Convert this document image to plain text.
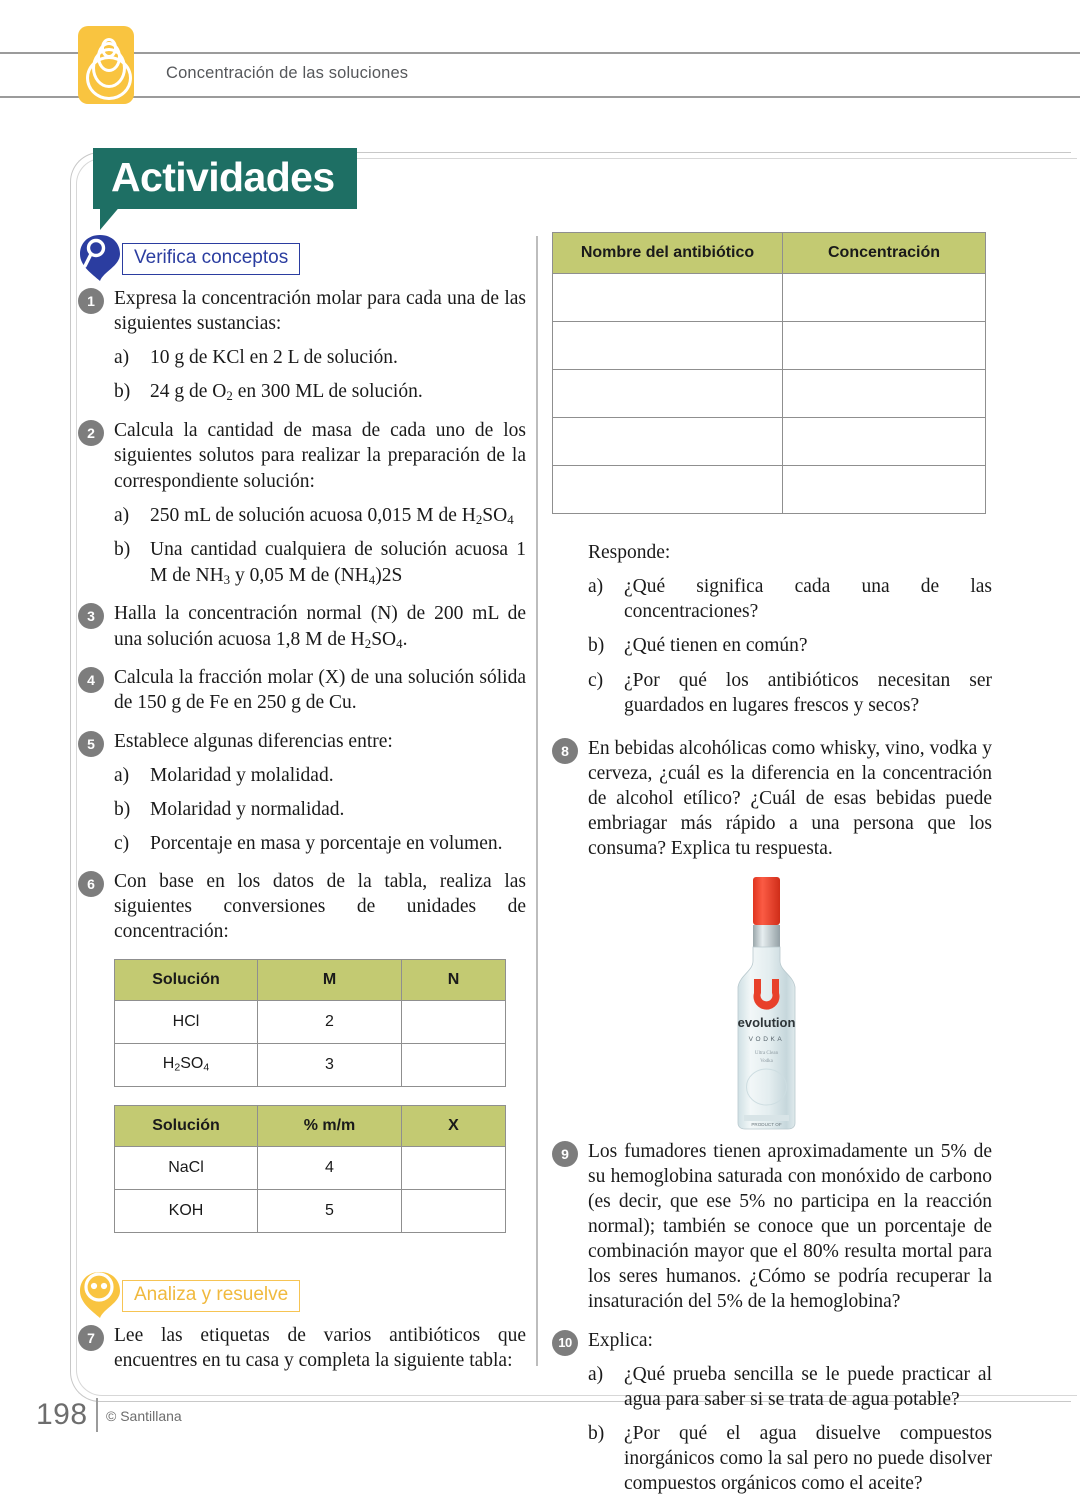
Concentración de las soluciones
Actividades
Verifica conceptos
1 Expresa la concentración molar para cada una de las siguientes sustancias:
a) 10 g de KCl en 2 L de solución.
b) 24 g de $O_2$ en 300 ML de solución.
2 Calcula la cantidad de masa de cada uno de los siguientes solutos para realizar la preparación de la correspondiente solución:
a) 250 mL de solución acuosa 0,015 M de $H_2SO_4$
b) Una cantidad cualquiera de solución acuosa 1 M de $NH_3$ y 0,05 M de $(NH_4)2S$
3 Halla la concentración normal (N) de 200 mL de una solución acuosa 1,8 M de $H_2SO_4$.
4 Calcula la fracción molar (X) de una solución sólida de 150 g de Fe en 250 g de Cu.
5 Establece algunas diferencias entre:
a) Molaridad y molalidad.
b) Molaridad y normalidad.
c) Porcentaje en masa y porcentaje en volumen.
6 Con base en los datos de la tabla, realiza las siguientes conversiones de unidades de concentración:
Solución	M	N
HCl	2	
$H_2SO_4$	3	
Solución	% m/m	X
NaCl	4	
KOH	5	
Analiza y resuelve
7 Lee las etiquetas de varios antibióticos que encuentres en tu casa y completa la siguiente tabla:
Nombre del antibiótico	Concentración

Responde:
a) ¿Qué significa cada una de las concentraciones?
b) ¿Qué tienen en común?
c) ¿Por qué los antibióticos necesitan ser guardados en lugares frescos y secos?
8 En bebidas alcohólicas como whisky, vino, vodka y cerveza, ¿cuál es la diferencia en la concentración de alcohol etílico? ¿Cuál de esas bebidas puede embriagar más rápido a una persona que los consuma? Explica tu respuesta.
evolution
VODKA
Ultra Clean
Vodka
PRODUCT OF
9 Los fumadores tienen aproximadamente un 5% de su hemoglobina saturada con monóxido de carbono (es decir, que ese 5% no participa en la reacción normal); también se conoce que un porcentaje de combinación mayor que el 80% resulta mortal para los seres humanos. ¿Cómo se podría recuperar la insaturación del 5% de la hemoglobina?
10 Explica:
a) ¿Qué prueba sencilla se le puede practicar al agua para saber si se trata de agua potable?
b) ¿Por qué el agua disuelve compuestos inorgánicos como la sal pero no puede disolver compuestos orgánicos como el aceite?
198 © Santillana
